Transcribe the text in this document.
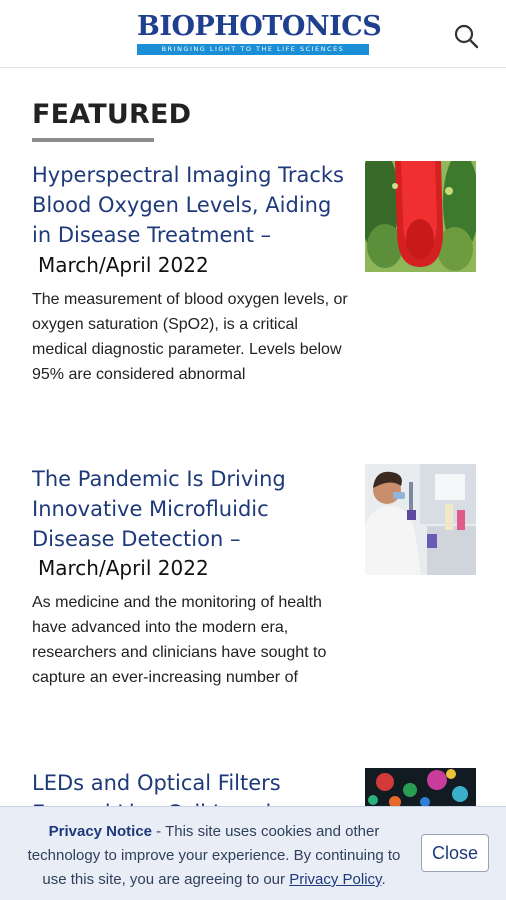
BIOPHOTONICS
BRINGING LIGHT TO THE LIFE SCIENCES
FEATURED
Hyperspectral Imaging Tracks Blood Oxygen Levels, Aiding in Disease Treatment –
March/April 2022
The measurement of blood oxygen levels, or oxygen saturation (SpO2), is a critical medical diagnostic parameter. Levels below 95% are considered abnormal
The Pandemic Is Driving Innovative Microfluidic Disease Detection –
March/April 2022
As medicine and the monitoring of health have advanced into the modern era, researchers and clinicians have sought to capture an ever-increasing number of
LEDs and Optical Filters
Privacy Notice - This site uses cookies and other technology to improve your experience. By continuing to use this site, you are agreeing to our Privacy Policy.
Close
